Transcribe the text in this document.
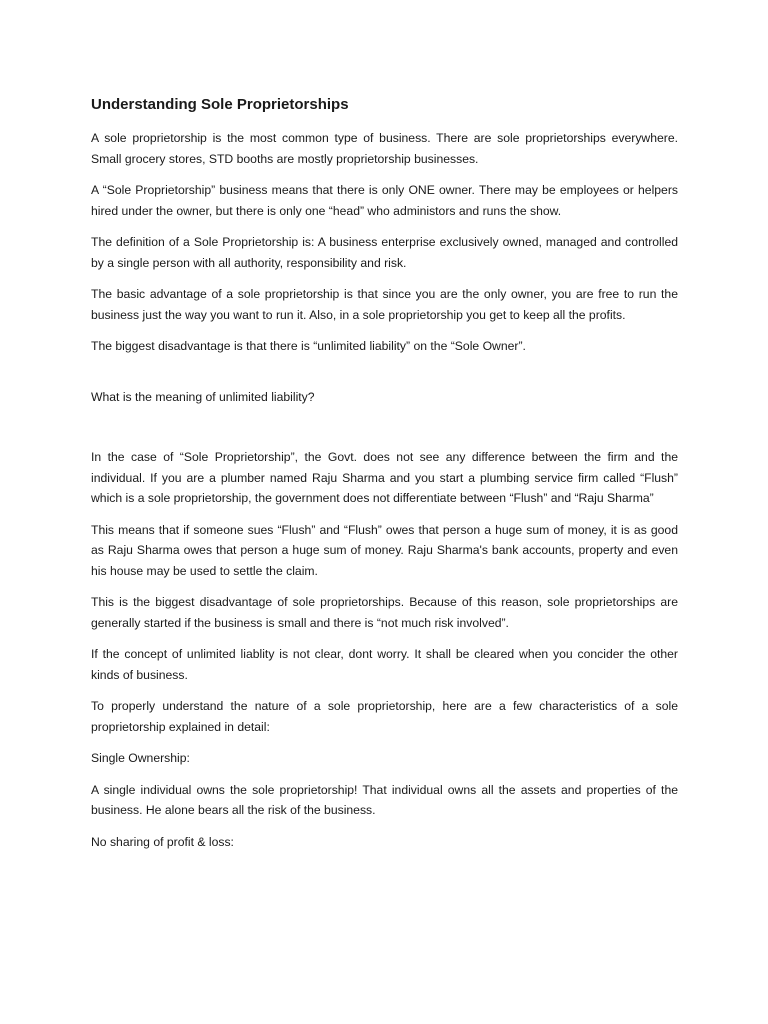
Understanding Sole Proprietorships

A sole proprietorship is the most common type of business. There are sole proprietorships everywhere. Small grocery stores, STD booths are mostly proprietorship businesses.

A “Sole Proprietorship” business means that there is only ONE owner. There may be employees or helpers hired under the owner, but there is only one “head” who administors and runs the show.

The definition of a Sole Proprietorship is: A business enterprise exclusively owned, managed and controlled by a single person with all authority, responsibility and risk.

The basic advantage of a sole proprietorship is that since you are the only owner, you are free to run the business just the way you want to run it. Also, in a sole proprietorship you get to keep all the profits.

The biggest disadvantage is that there is “unlimited liability” on the “Sole Owner”.

What is the meaning of unlimited liability?

In the case of “Sole Proprietorship”, the Govt. does not see any difference between the firm and the individual. If you are a plumber named Raju Sharma and you start a plumbing service firm called “Flush” which is a sole proprietorship, the government does not differentiate between “Flush” and “Raju Sharma”

This means that if someone sues “Flush” and “Flush” owes that person a huge sum of money, it is as good as Raju Sharma owes that person a huge sum of money. Raju Sharma's bank accounts, property and even his house may be used to settle the claim.

This is the biggest disadvantage of sole proprietorships. Because of this reason, sole proprietorships are generally started if the business is small and there is “not much risk involved”.

If the concept of unlimited liablity is not clear, dont worry. It shall be cleared when you concider the other kinds of business.

To properly understand the nature of a sole proprietorship, here are a few characteristics of a sole proprietorship explained in detail:

Single Ownership:

A single individual owns the sole proprietorship! That individual owns all the assets and properties of the business. He alone bears all the risk of the business.

No sharing of profit & loss:
